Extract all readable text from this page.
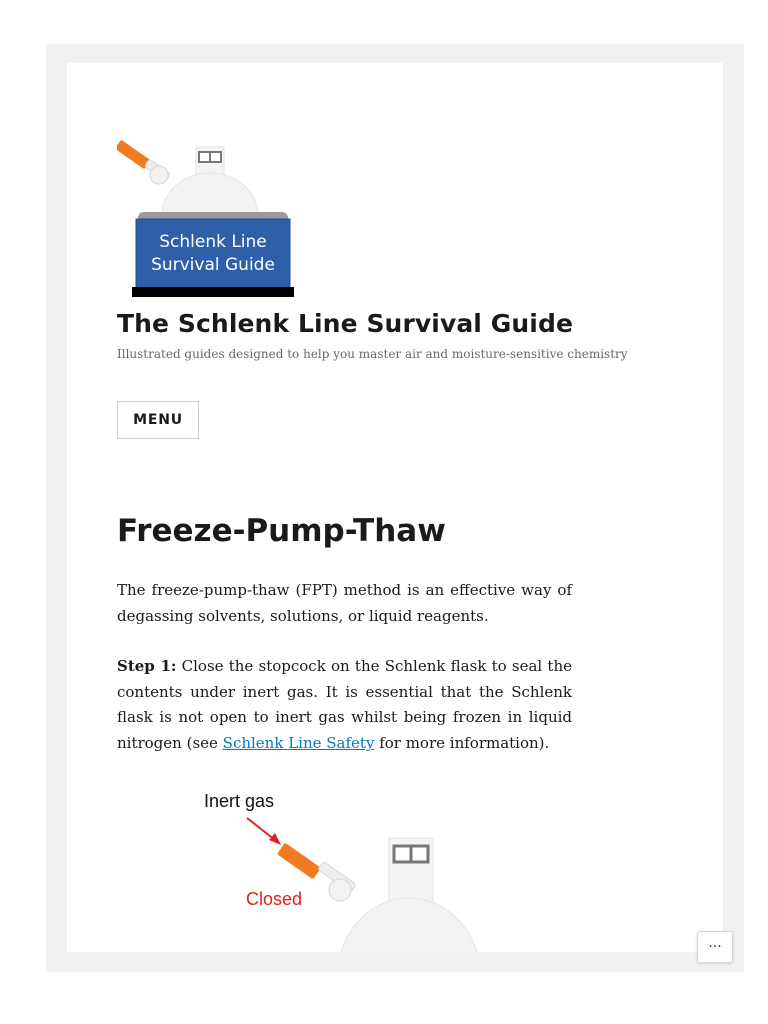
Schlenk Line
Survival Guide
The Schlenk Line Survival Guide

Illustrated guides designed to help you master air and moisture-sensitive chemistry

MENU
Freeze-Pump-Thaw

The freeze-pump-thaw (FPT) method is an effective way of degassing solvents, solutions, or liquid reagents.

Step 1: Close the stopcock on the Schlenk flask to seal the contents under inert gas. It is essential that the Schlenk flask is not open to inert gas whilst being frozen in liquid nitrogen (see Schlenk Line Safety for more information).

Inert gas
Closed
···
